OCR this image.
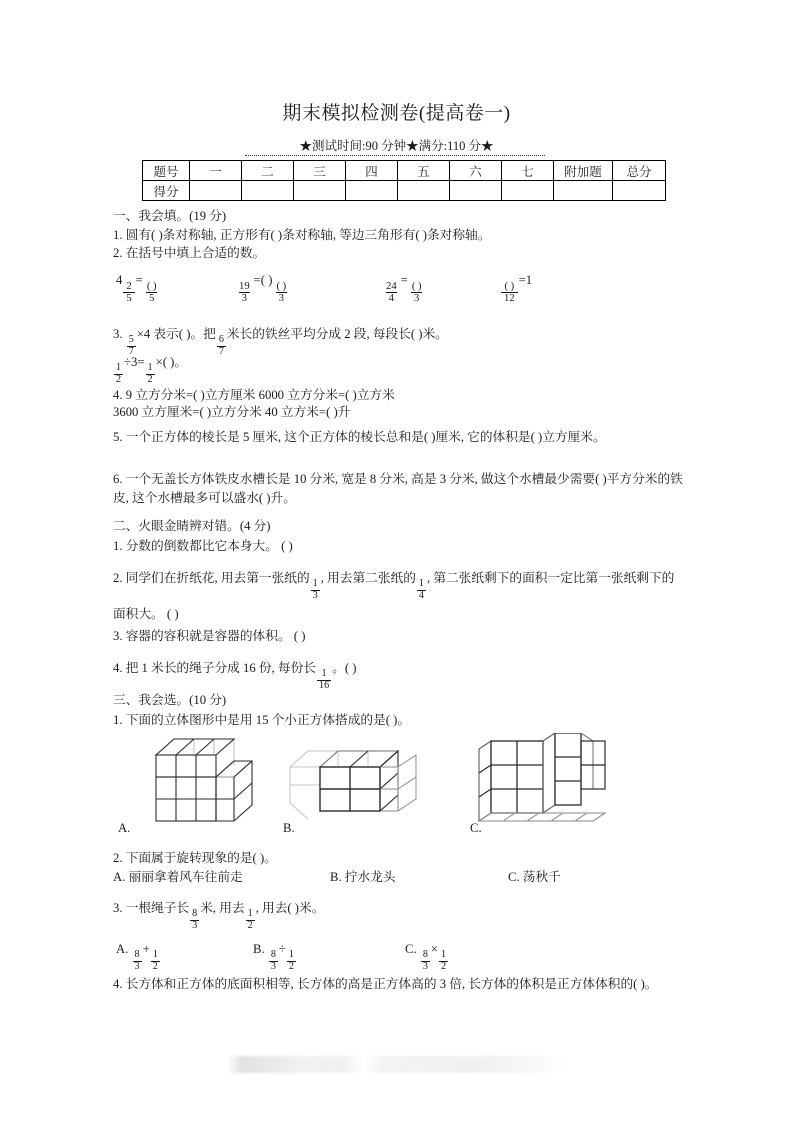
期末模拟检测卷(提高卷一)
★测试时间:90 分钟★满分:110 分★
题号	一	二	三	四	五	六	七	附加题	总分
得分									
一、我会填。(19 分)
1. 圆有( )条对称轴, 正方形有( )条对称轴, 等边三角形有( )条对称轴。
2. 在括号中填上合适的数。
4
$\frac{2}{5}$
= ( )
5	$\frac{19}{3}$
=( ) ( )
3	$\frac{24}{4}$
= ( )
3
( )
12
=1
3.
$\frac{5}{7}$
×4 表示( )。把
$\frac{6}{7}$
米长的铁丝平均分成 2 段, 每段长( )米。
$\frac{1}{2}$
÷3=
$\frac{1}{2}$
×( )。
4. 9 立方分米=( )立方厘米 6000 立方分米=( )立方米
3600 立方厘米=( )立方分米 40 立方米=( )升
5. 一个正方体的棱长是 5 厘米, 这个正方体的棱长总和是( )厘米, 它的体积是( )立方厘米。
6. 一个无盖长方体铁皮水槽长是 10 分米, 宽是 8 分米, 高是 3 分米, 做这个水槽最少需要( )平方分米的铁皮, 这个水槽最多可以盛水( )升。
二、火眼金睛辨对错。(4 分)
1. 分数的倒数都比它本身大。 ( )
2. 同学们在折纸花, 用去第一张纸的
$\frac{1}{3}$
, 用去第二张纸的
$\frac{1}{4}$
, 第二张纸剩下的面积一定比第一张纸剩下的面积大。 ( )
3. 容器的容积就是容器的体积。 ( )
4. 把 1 米长的绳子分成 16 份, 每份长
$\frac{1}{16}$
。( )
三、我会选。(10 分)
1. 下面的立体图形中是用 15 个小正方体搭成的是( )。
A.	B.	C.
2. 下面属于旋转现象的是( )。
A. 丽丽拿着风车往前走	B. 拧水龙头	C. 荡秋千
3. 一根绳子长
$\frac{8}{3}$
米, 用去
$\frac{1}{2}$
, 用去( )米。
A.
$\frac{8}{3}$
+
$\frac{1}{2}$
B.
$\frac{8}{3}$
÷
$\frac{1}{2}$
C.
$\frac{8}{3}$
×
$\frac{1}{2}$
4. 长方体和正方体的底面积相等, 长方体的高是正方体高的 3 倍, 长方体的体积是正方体体积的( )。
